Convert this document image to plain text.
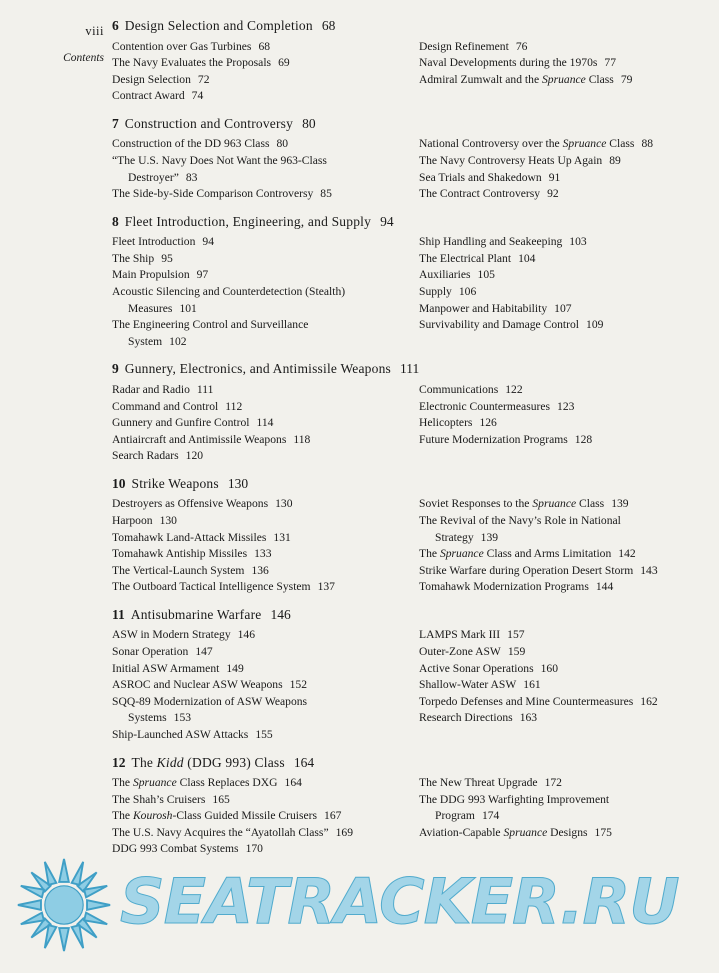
viii
Contents
6 Design Selection and Completion 68
Contention over Gas Turbines 68
The Navy Evaluates the Proposals 69
Design Selection 72
Contract Award 74
Design Refinement 76
Naval Developments during the 1970s 77
Admiral Zumwalt and the Spruance Class 79
7 Construction and Controversy 80
Construction of the DD 963 Class 80
“The U.S. Navy Does Not Want the 963-Class
Destroyer” 83
The Side-by-Side Comparison Controversy 85
National Controversy over the Spruance Class 88
The Navy Controversy Heats Up Again 89
Sea Trials and Shakedown 91
The Contract Controversy 92
8 Fleet Introduction, Engineering, and Supply 94
Fleet Introduction 94
The Ship 95
Main Propulsion 97
Acoustic Silencing and Counterdetection (Stealth)
Measures 101
The Engineering Control and Surveillance
System 102
Ship Handling and Seakeeping 103
The Electrical Plant 104
Auxiliaries 105
Supply 106
Manpower and Habitability 107
Survivability and Damage Control 109
9 Gunnery, Electronics, and Antimissile Weapons 111
Radar and Radio 111
Command and Control 112
Gunnery and Gunfire Control 114
Antiaircraft and Antimissile Weapons 118
Search Radars 120
Communications 122
Electronic Countermeasures 123
Helicopters 126
Future Modernization Programs 128
10 Strike Weapons 130
Destroyers as Offensive Weapons 130
Harpoon 130
Tomahawk Land-Attack Missiles 131
Tomahawk Antiship Missiles 133
The Vertical-Launch System 136
The Outboard Tactical Intelligence System 137
Soviet Responses to the Spruance Class 139
The Revival of the Navy’s Role in National
Strategy 139
The Spruance Class and Arms Limitation 142
Strike Warfare during Operation Desert Storm 143
Tomahawk Modernization Programs 144
11 Antisubmarine Warfare 146
ASW in Modern Strategy 146
Sonar Operation 147
Initial ASW Armament 149
ASROC and Nuclear ASW Weapons 152
SQQ-89 Modernization of ASW Weapons
Systems 153
Ship-Launched ASW Attacks 155
LAMPS Mark III 157
Outer-Zone ASW 159
Active Sonar Operations 160
Shallow-Water ASW 161
Torpedo Defenses and Mine Countermeasures 162
Research Directions 163
12 The Kidd (DDG 993) Class 164
The Spruance Class Replaces DXG 164
The Shah’s Cruisers 165
The Kourosh-Class Guided Missile Cruisers 167
The U.S. Navy Acquires the “Ayatollah Class” 169
DDG 993 Combat Systems 170
The New Threat Upgrade 172
The DDG 993 Warfighting Improvement
Program 174
Aviation-Capable Spruance Designs 175
SEATRACKER.RU
